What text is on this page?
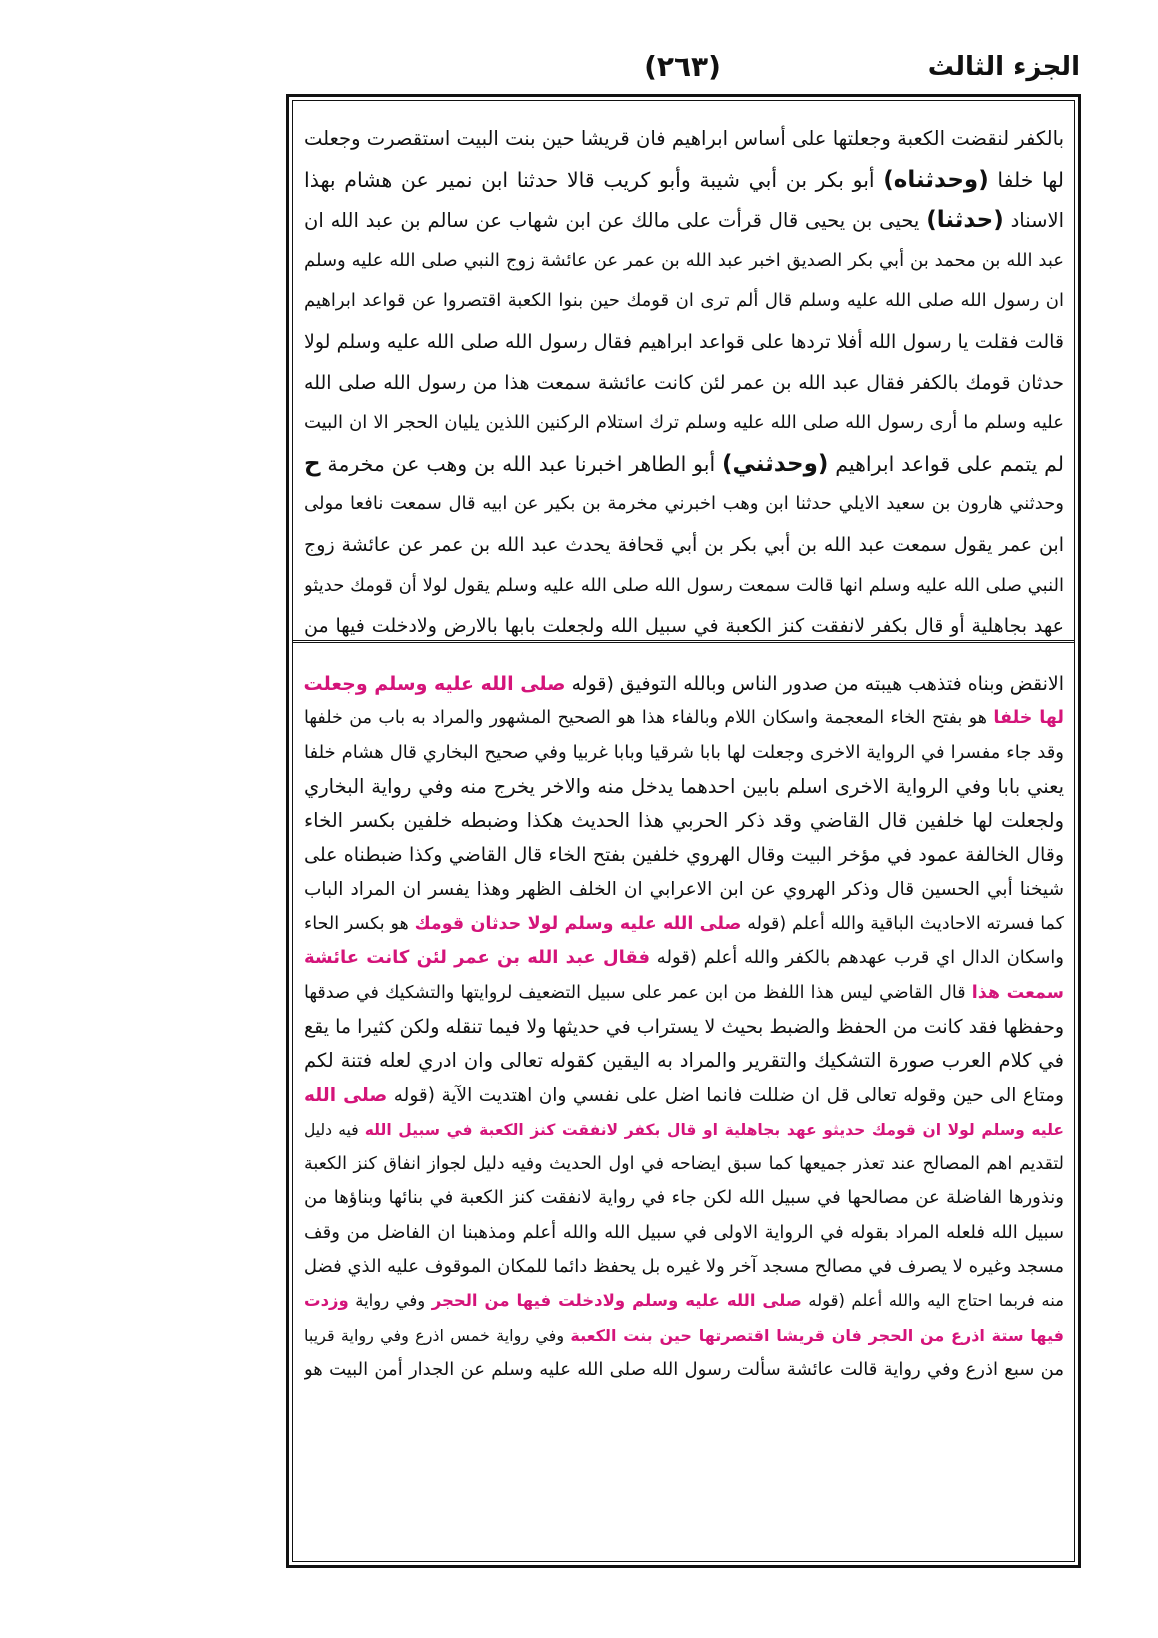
الجزء الثالث
(٢٦٣)
بالكفر لنقضت الكعبة وجعلتها على أساس ابراهيم فان قريشا حين بنت البيت استقصرت وجعلت
لها خلفا (وحدثناه) أبو بكر بن أبي شيبة وأبو كريب قالا حدثنا ابن نمير عن هشام بهذا
الاسناد (حدثنا) يحيى بن يحيى قال قرأت على مالك عن ابن شهاب عن سالم بن عبد الله ان
عبد الله بن محمد بن أبي بكر الصديق اخبر عبد الله بن عمر عن عائشة زوج النبي صلى الله عليه وسلم
ان رسول الله صلى الله عليه وسلم قال ألم ترى ان قومك حين بنوا الكعبة اقتصروا عن قواعد ابراهيم
قالت فقلت يا رسول الله أفلا تردها على قواعد ابراهيم فقال رسول الله صلى الله عليه وسلم لولا
حدثان قومك بالكفر فقال عبد الله بن عمر لئن كانت عائشة سمعت هذا من رسول الله صلى الله
عليه وسلم ما أرى رسول الله صلى الله عليه وسلم ترك استلام الركنين اللذين يليان الحجر الا ان البيت
لم يتمم على قواعد ابراهيم (وحدثني) أبو الطاهر اخبرنا عبد الله بن وهب عن مخرمة ح
وحدثني هارون بن سعيد الايلي حدثنا ابن وهب اخبرني مخرمة بن بكير عن ابيه قال سمعت نافعا مولى
ابن عمر يقول سمعت عبد الله بن أبي بكر بن أبي قحافة يحدث عبد الله بن عمر عن عائشة زوج
النبي صلى الله عليه وسلم انها قالت سمعت رسول الله صلى الله عليه وسلم يقول لولا أن قومك حديثو
عهد بجاهلية أو قال بكفر لانفقت كنز الكعبة في سبيل الله ولجعلت بابها بالارض ولادخلت فيها من
الانقض وبناه فتذهب هيبته من صدور الناس وبالله التوفيق (قوله صلى الله عليه وسلم وجعلت
لها خلفا هو بفتح الخاء المعجمة واسكان اللام وبالفاء هذا هو الصحيح المشهور والمراد به باب من خلفها
وقد جاء مفسرا في الرواية الاخرى وجعلت لها بابا شرقيا وبابا غربيا وفي صحيح البخاري قال هشام خلفا
يعني بابا وفي الرواية الاخرى اسلم بابين احدهما يدخل منه والاخر يخرج منه وفي رواية البخاري
ولجعلت لها خلفين قال القاضي وقد ذكر الحربي هذا الحديث هكذا وضبطه خلفين بكسر الخاء
وقال الخالفة عمود في مؤخر البيت وقال الهروي خلفين بفتح الخاء قال القاضي وكذا ضبطناه على
شيخنا أبي الحسين قال وذكر الهروي عن ابن الاعرابي ان الخلف الظهر وهذا يفسر ان المراد الباب
كما فسرته الاحاديث الباقية والله أعلم (قوله صلى الله عليه وسلم لولا حدثان قومك هو بكسر الحاء
واسكان الدال اي قرب عهدهم بالكفر والله أعلم (قوله فقال عبد الله بن عمر لئن كانت عائشة
سمعت هذا قال القاضي ليس هذا اللفظ من ابن عمر على سبيل التضعيف لروايتها والتشكيك في صدقها
وحفظها فقد كانت من الحفظ والضبط بحيث لا يستراب في حديثها ولا فيما تنقله ولكن كثيرا ما يقع
في كلام العرب صورة التشكيك والتقرير والمراد به اليقين كقوله تعالى وان ادري لعله فتنة لكم
ومتاع الى حين وقوله تعالى قل ان ضللت فانما اضل على نفسي وان اهتديت الآية (قوله صلى الله
عليه وسلم لولا ان قومك حديثو عهد بجاهلية او قال بكفر لانفقت كنز الكعبة في سبيل الله فيه دليل
لتقديم اهم المصالح عند تعذر جميعها كما سبق ايضاحه في اول الحديث وفيه دليل لجواز انفاق كنز الكعبة
ونذورها الفاضلة عن مصالحها في سبيل الله لكن جاء في رواية لانفقت كنز الكعبة في بنائها وبناؤها من
سبيل الله فلعله المراد بقوله في الرواية الاولى في سبيل الله والله أعلم ومذهبنا ان الفاضل من وقف
مسجد وغيره لا يصرف في مصالح مسجد آخر ولا غيره بل يحفظ دائما للمكان الموقوف عليه الذي فضل
منه فربما احتاج اليه والله أعلم (قوله صلى الله عليه وسلم ولادخلت فيها من الحجر وفي رواية وزدت
فيها ستة اذرع من الحجر فان قريشا اقتصرتها حين بنت الكعبة وفي رواية خمس اذرع وفي رواية قريبا
من سبع اذرع وفي رواية قالت عائشة سألت رسول الله صلى الله عليه وسلم عن الجدار أمن البيت هو
